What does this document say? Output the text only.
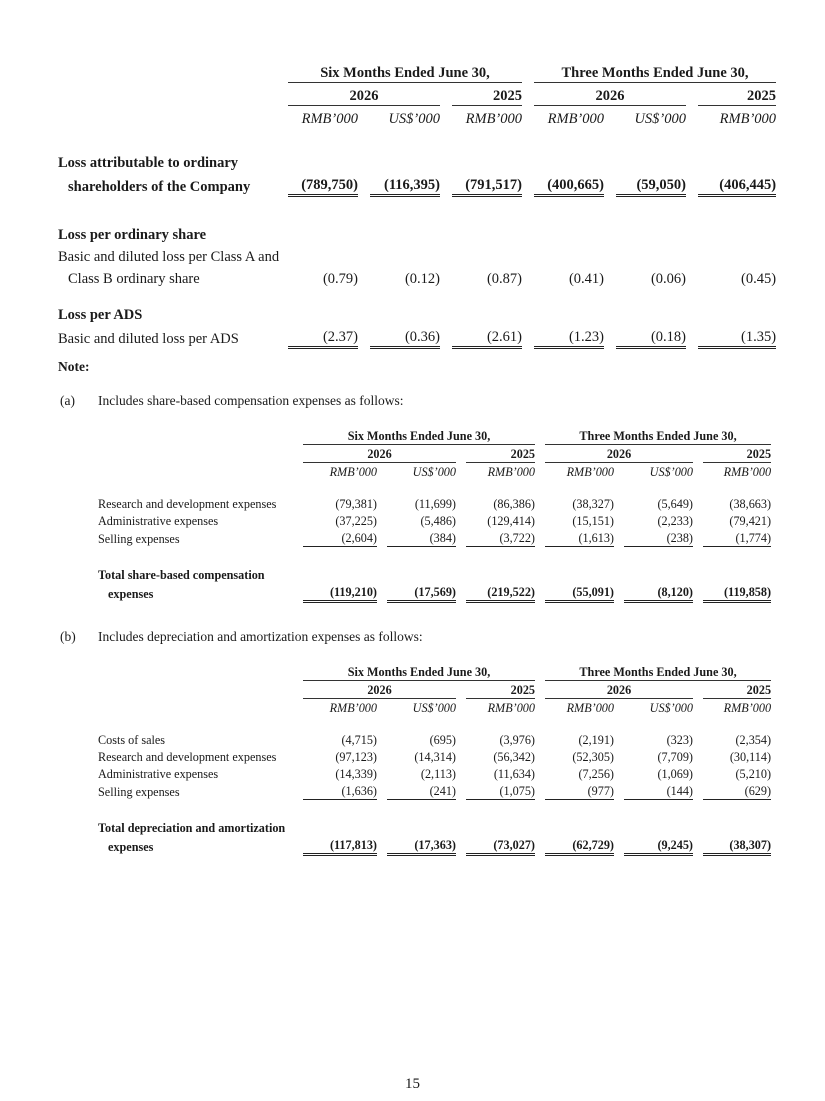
	Six Months Ended June 30,						Three Months Ended June 30,				
	2026				2025		2026				2025
	RMB’000		US$’000		RMB’000		RMB’000		US$’000		RMB’000

Loss attributable to ordinary											
shareholders of the Company	(789,750)		(116,395)		(791,517)		(400,665)		(59,050)		(406,445)

Loss per ordinary share											
Basic and diluted loss per Class A and											
Class B ordinary share	(0.79)		(0.12)		(0.87)		(0.41)		(0.06)		(0.45)

Loss per ADS											
Basic and diluted loss per ADS	(2.37)		(0.36)		(2.61)		(1.23)		(0.18)		(1.35)
Note:
(a) Includes share-based compensation expenses as follows:
	Six Months Ended June 30,						Three Months Ended June 30,				
	2026				2025		2026				2025
	RMB’000		US$’000		RMB’000		RMB’000		US$’000		RMB’000

Research and development expenses	(79,381)		(11,699)		(86,386)		(38,327)		(5,649)		(38,663)
Administrative expenses	(37,225)		(5,486)		(129,414)		(15,151)		(2,233)		(79,421)
Selling expenses	(2,604)		(384)		(3,722)		(1,613)		(238)		(1,774)

Total share-based compensation											
expenses	(119,210)		(17,569)		(219,522)		(55,091)		(8,120)		(119,858)
(b) Includes depreciation and amortization expenses as follows:
	Six Months Ended June 30,						Three Months Ended June 30,				
	2026				2025		2026				2025
	RMB’000		US$’000		RMB’000		RMB’000		US$’000		RMB’000

Costs of sales	(4,715)		(695)		(3,976)		(2,191)		(323)		(2,354)
Research and development expenses	(97,123)		(14,314)		(56,342)		(52,305)		(7,709)		(30,114)
Administrative expenses	(14,339)		(2,113)		(11,634)		(7,256)		(1,069)		(5,210)
Selling expenses	(1,636)		(241)		(1,075)		(977)		(144)		(629)

Total depreciation and amortization											
expenses	(117,813)		(17,363)		(73,027)		(62,729)		(9,245)		(38,307)
15
